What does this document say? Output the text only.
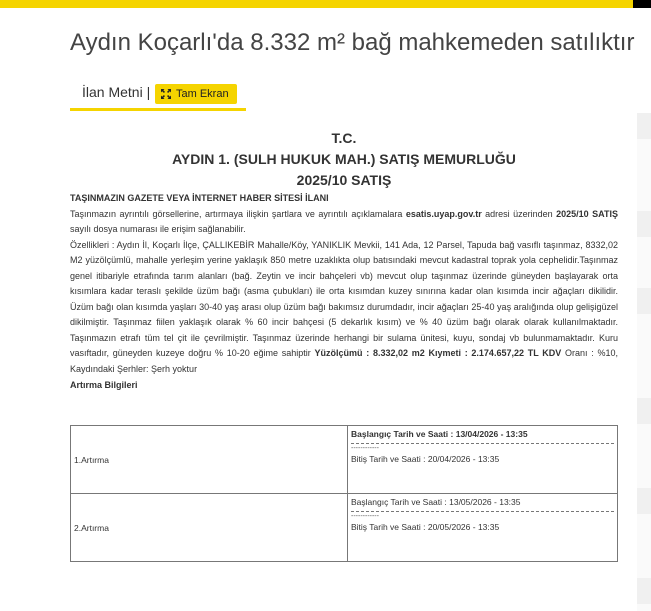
Aydın Koçarlı'da 8.332 m² bağ mahkemeden satılıktır
İlan Metni | Tam Ekran
T.C.
AYDIN 1. (SULH HUKUK MAH.) SATIŞ MEMURLUĞU
2025/10 SATIŞ
TAŞINMAZIN GAZETE VEYA İNTERNET HABER SİTESİ İLANI

Taşınmazın ayrıntılı görsellerine, artırmaya ilişkin şartlara ve ayrıntılı açıklamalara esatis.uyap.gov.tr adresi üzerinden 2025/10 SATIŞ sayılı dosya numarası ile erişim sağlanabilir.

Özellikleri : Aydın İl, Koçarlı İlçe, ÇALLIKEBİR Mahalle/Köy, YANIKLIK Mevkii, 141 Ada, 12 Parsel, Tapuda bağ vasıflı taşınmaz, 8332,02 M2 yüzölçümlü, mahalle yerleşim yerine yaklaşık 850 metre uzaklıkta olup batısındaki mevcut kadastral toprak yola cephelidir.Taşınmaz genel itibariyle etrafında tarım alanları (bağ. Zeytin ve incir bahçeleri vb) mevcut olup taşınmaz üzerinde güneyden başlayarak orta kısımlara kadar teraslı şekilde üzüm bağı (asma çubukları) ile orta kısımdan kuzey sınırına kadar olan kısımda incir ağaçları dikilidir. Üzüm bağı olan kısımda yaşları 30-40 yaş arası olup üzüm bağı bakımsız durumdadır, incir ağaçları 25-40 yaş aralığında olup gelişigüzel dikilmiştir. Taşınmaz fiilen yaklaşık olarak % 60 incir bahçesi (5 dekarlık kısım) ve % 40 üzüm bağı olarak olarak kullanılmaktadır. Taşınmazın etrafı tüm tel çit ile çevrilmiştir. Taşınmaz üzerinde herhangi bir sulama ünitesi, kuyu, sondaj vb bulunmamaktadır. Kuru vasıftadır, güneyden kuzeye doğru % 10-20 eğime sahiptir Yüzölçümü : 8.332,02 m2 Kıymeti : 2.174.657,22 TL KDV Oranı : %10, Kaydındaki Şerhler: Şerh yoktur

Artırma Bilgileri
1.Artırma	Başlangıç Tarih ve Saati : 13/04/2026 - 13:35
------------
Bitiş Tarih ve Saati : 20/04/2026 - 13:35

2.Artırma	Başlangıç Tarih ve Saati : 13/05/2026 - 13:35
------------
Bitiş Tarih ve Saati : 20/05/2026 - 13:35
